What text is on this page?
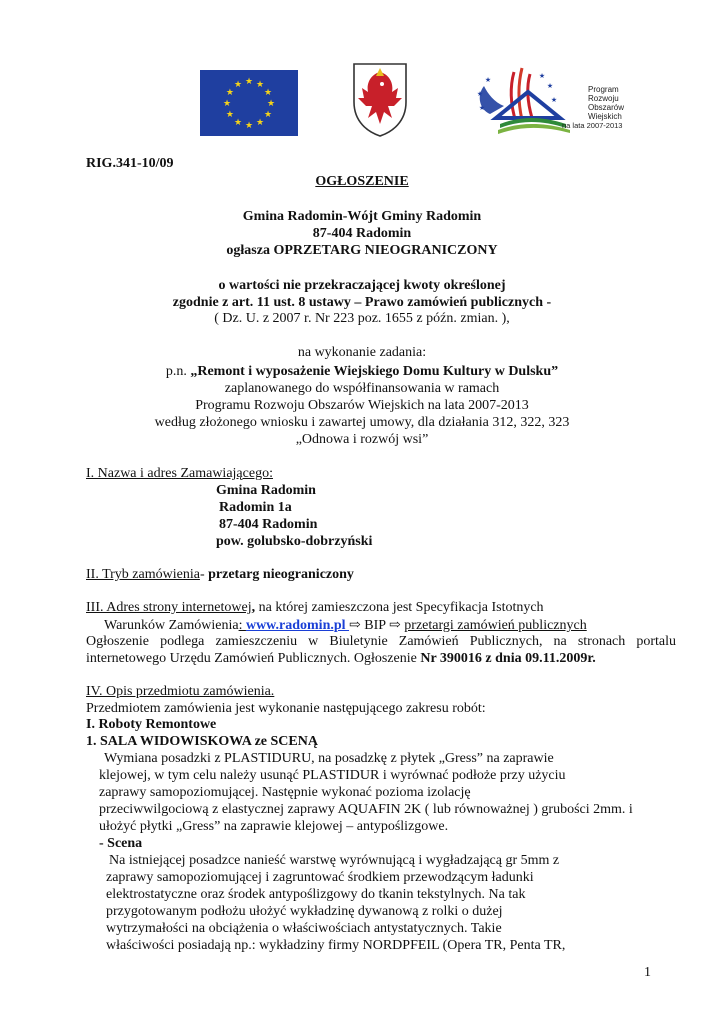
★ ★
★
★
★
★
★
★
★
★
★
★	★
★
★
★
★
★
Program
Rozwoju
Obszarów
Wiejskich
na lata 2007-2013
RIG.341-10/09
OGŁOSZENIE
Gmina Radomin-Wójt Gminy Radomin
87-404 Radomin
ogłasza OPRZETARG NIEOGRANICZONY
o wartości nie przekraczającej kwoty określonej
zgodnie z art. 11 ust. 8 ustawy – Prawo zamówień publicznych -
( Dz. U. z 2007 r. Nr 223 poz. 1655 z późn. zmian. ),
na wykonanie zadania:
p.n. „Remont i wyposażenie Wiejskiego Domu Kultury w Dulsku”
zaplanowanego do współfinansowania w ramach
Programu Rozwoju Obszarów Wiejskich na lata 2007-2013
według złożonego wniosku i zawartej umowy, dla działania 312, 322, 323
„Odnowa i rozwój wsi”
I. Nazwa i adres Zamawiającego:
Gmina Radomin
Radomin 1a
87-404 Radomin
pow. golubsko-dobrzyński
II. Tryb zamówienia- przetarg nieograniczony
III. Adres strony internetowej, na której zamieszczona jest Specyfikacja Istotnych
Warunków Zamówienia: www.radomin.pl ⇨ BIP ⇨ przetargi zamówień publicznych
Ogłoszenie podlega zamieszczeniu w Biuletynie Zamówień Publicznych, na stronach portalu
internetowego Urzędu Zamówień Publicznych. Ogłoszenie Nr 390016 z dnia 09.11.2009r.
IV. Opis przedmiotu zamówienia.
Przedmiotem zamówienia jest wykonanie następującego zakresu robót:
I. Roboty Remontowe
1. SALA WIDOWISKOWA ze SCENĄ
Wymiana posadzki z PLASTIDURU, na posadzkę z płytek „Gress” na zaprawie
klejowej, w tym celu należy usunąć PLASTIDUR i wyrównać podłoże przy użyciu
zaprawy samopoziomującej. Następnie wykonać pozioma izolację
przeciwwilgociową z elastycznej zaprawy AQUAFIN 2K ( lub równoważnej ) grubości 2mm. i
ułożyć płytki „Gress” na zaprawie klejowej – antypoślizgowe.
- Scena
Na istniejącej posadzce nanieść warstwę wyrównującą i wygładzającą gr 5mm z
zaprawy samopoziomującej i zagruntować środkiem przewodzącym ładunki
elektrostatyczne oraz środek antypoślizgowy do tkanin tekstylnych. Na tak
przygotowanym podłożu ułożyć wykładzinę dywanową z rolki o dużej
wytrzymałości na obciążenia o właściwościach antystatycznych. Takie
właściwości posiadają np.: wykładziny firmy NORDPFEIL (Opera TR, Penta TR,
1
